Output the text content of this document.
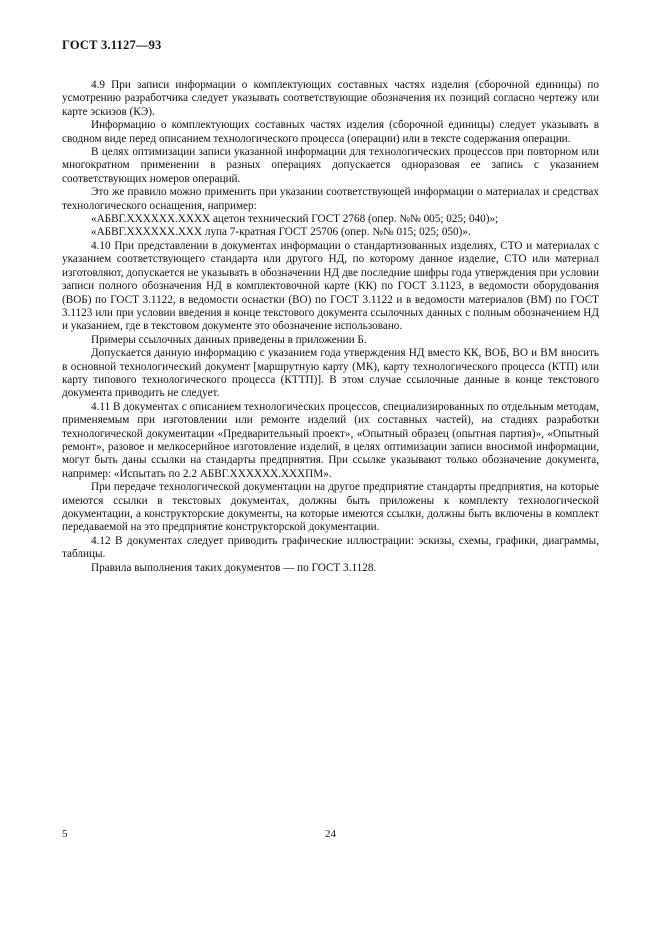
ГОСТ 3.1127—93

4.9 При записи информации о комплектующих составных частях изделия (сборочной единицы) по усмотрению разработчика следует указывать соответствующие обозначения их позиций согласно чертежу или карте эскизов (КЭ).

Информацию о комплектующих составных частях изделия (сборочной единицы) следует указывать в сводном виде перед описанием технологического процесса (операции) или в тексте содержания операции.

В целях оптимизации записи указанной информации для технологических процессов при повторном или многократном применении в разных операциях допускается одноразовая ее запись с указанием соответствующих номеров операций.

Это же правило можно применить при указании соответствующей информации о материалах и средствах технологического оснащения, например:

«АБВГ.ХХХХХХ.ХХХХ ацетон технический ГОСТ 2768 (опер. №№ 005; 025; 040)»;

«АБВГ.ХХХХХХ.ХХХ лупа 7-кратная ГОСТ 25706 (опер. №№ 015; 025; 050)».

4.10 При представлении в документах информации о стандартизованных изделиях, СТО и материалах с указанием соответствующего стандарта или другого НД, по которому данное изделие, СТО или материал изготовляют, допускается не указывать в обозначении НД две последние шифры года утверждения при условии записи полного обозначения НД в комплектовочной карте (КК) по ГОСТ 3.1123, в ведомости оборудования (ВОБ) по ГОСТ 3.1122, в ведомости оснастки (ВО) по ГОСТ 3.1122 и в ведомости материалов (ВМ) по ГОСТ 3.1123 или при условии введения в конце текстового документа ссылочных данных с полным обозначением НД и указанием, где в текстовом документе это обозначение использовано.

Примеры ссылочных данных приведены в приложении Б.

Допускается данную информацию с указанием года утверждения НД вместо КК, ВОБ, ВО и ВМ вносить в основной технологический документ [маршрутную карту (МК), карту технологического процесса (КТП) или карту типового технологического процесса (КТТП)]. В этом случае ссылочные данные в конце текстового документа приводить не следует.

4.11 В документах с описанием технологических процессов, специализированных по отдельным методам, применяемым при изготовлении или ремонте изделий (их составных частей), на стадиях разработки технологической документации «Предварительный проект», «Опытный образец (опытная партия)», «Опытный ремонт», разовое и мелкосерийное изготовление изделий, в целях оптимизации записи вносимой информации, могут быть даны ссылки на стандарты предприятия. При ссылке указывают только обозначение документа, например: «Испытать по 2.2 АБВГ.ХХХХХХ.ХХХПМ».

При передаче технологической документации на другое предприятие стандарты предприятия, на которые имеются ссылки в текстовых документах, должны быть приложены к комплекту технологической документации, а конструкторские документы, на которые имеются ссылки, должны быть включены в комплект передаваемой на это предприятие конструкторской документации.

4.12 В документах следует приводить графические иллюстрации: эскизы, схемы, графики, диаграммы, таблицы.

Правила выполнения таких документов — по ГОСТ 3.1128.

5	24
